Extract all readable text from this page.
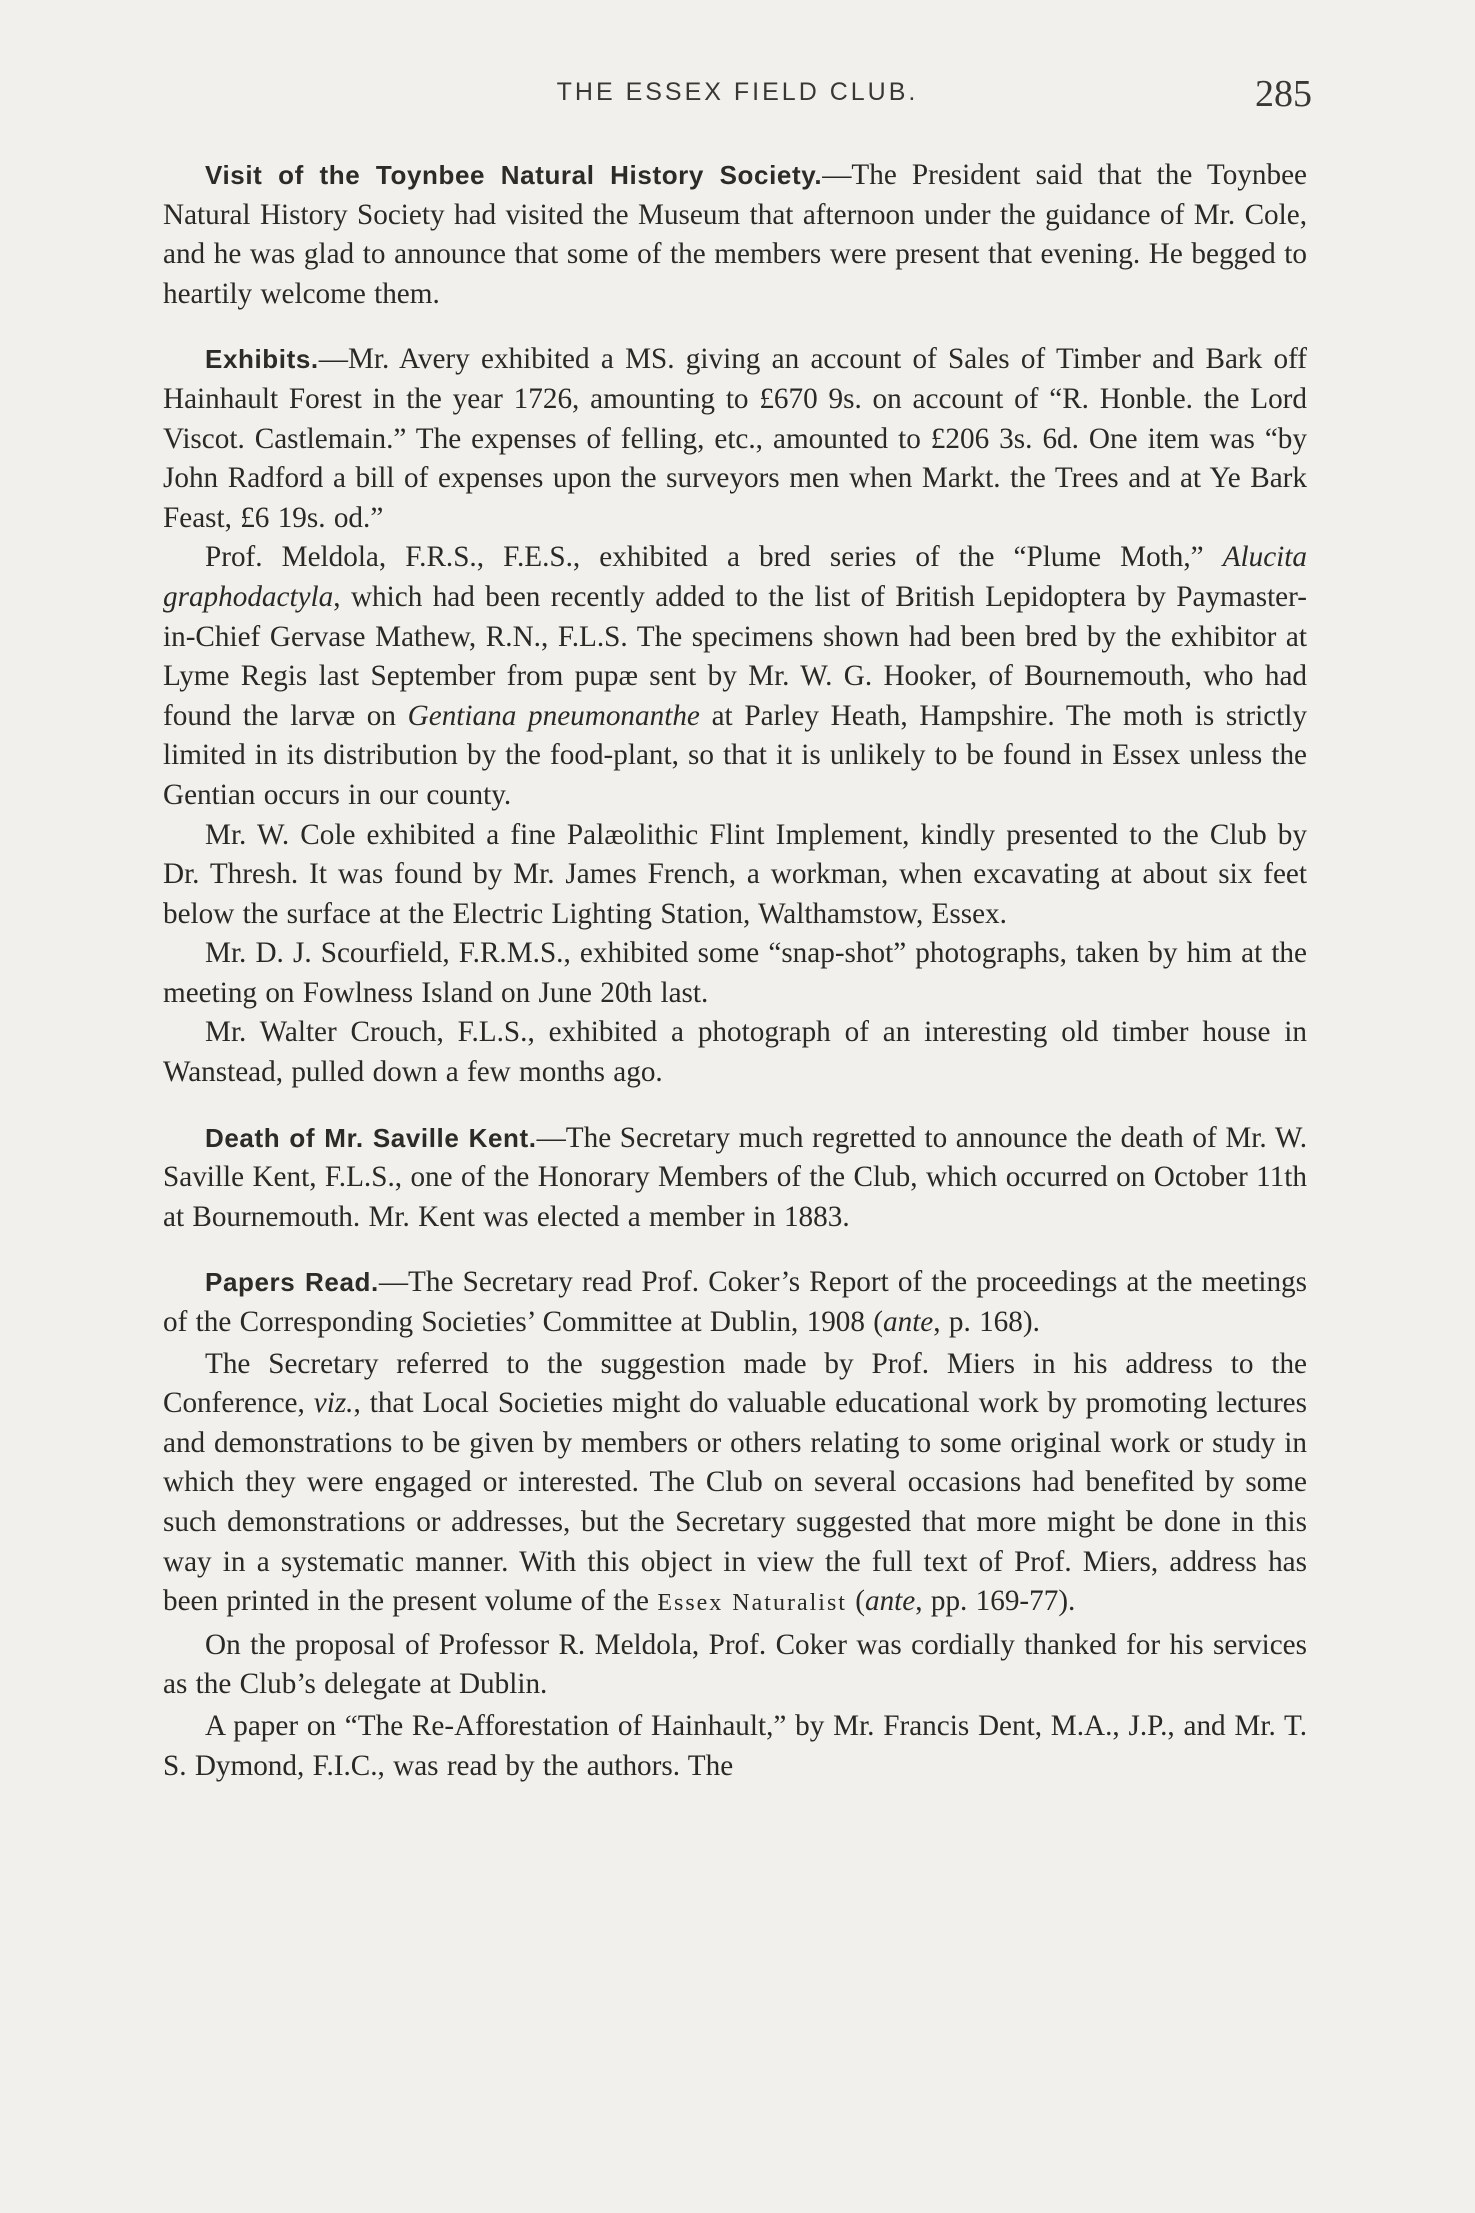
THE ESSEX FIELD CLUB.	285

Visit of the Toynbee Natural History Society.—The President said that the Toynbee Natural History Society had visited the Museum that afternoon under the guidance of Mr. Cole, and he was glad to announce that some of the members were present that evening. He begged to heartily welcome them.

Exhibits.—Mr. Avery exhibited a MS. giving an account of Sales of Timber and Bark off Hainhault Forest in the year 1726, amounting to £670 9s. on account of “R. Honble. the Lord Viscot. Castlemain.” The expenses of felling, etc., amounted to £206 3s. 6d. One item was “by John Radford a bill of expenses upon the surveyors men when Markt. the Trees and at Ye Bark Feast, £6 19s. od.”

Prof. Meldola, F.R.S., F.E.S., exhibited a bred series of the “Plume Moth,” Alucita graphodactyla, which had been recently added to the list of British Lepidoptera by Paymaster-in-Chief Gervase Mathew, R.N., F.L.S. The specimens shown had been bred by the exhibitor at Lyme Regis last September from pupæ sent by Mr. W. G. Hooker, of Bournemouth, who had found the larvæ on Gentiana pneumonanthe at Parley Heath, Hampshire. The moth is strictly limited in its distribution by the food-plant, so that it is unlikely to be found in Essex unless the Gentian occurs in our county.

Mr. W. Cole exhibited a fine Palæolithic Flint Implement, kindly presented to the Club by Dr. Thresh. It was found by Mr. James French, a workman, when excavating at about six feet below the surface at the Electric Lighting Station, Walthamstow, Essex.

Mr. D. J. Scourfield, F.R.M.S., exhibited some “snap-shot” photographs, taken by him at the meeting on Fowlness Island on June 20th last.

Mr. Walter Crouch, F.L.S., exhibited a photograph of an interesting old timber house in Wanstead, pulled down a few months ago.

Death of Mr. Saville Kent.—The Secretary much regretted to announce the death of Mr. W. Saville Kent, F.L.S., one of the Honorary Members of the Club, which occurred on October 11th at Bournemouth. Mr. Kent was elected a member in 1883.

Papers Read.—The Secretary read Prof. Coker’s Report of the proceedings at the meetings of the Corresponding Societies’ Committee at Dublin, 1908 (ante, p. 168).

The Secretary referred to the suggestion made by Prof. Miers in his address to the Conference, viz., that Local Societies might do valuable educational work by promoting lectures and demonstrations to be given by members or others relating to some original work or study in which they were engaged or interested. The Club on several occasions had benefited by some such demonstrations or addresses, but the Secretary suggested that more might be done in this way in a systematic manner. With this object in view the full text of Prof. Miers, address has been printed in the present volume of the Essex Naturalist (ante, pp. 169-77).

On the proposal of Professor R. Meldola, Prof. Coker was cordially thanked for his services as the Club’s delegate at Dublin.

A paper on “The Re-Afforestation of Hainhault,” by Mr. Francis Dent, M.A., J.P., and Mr. T. S. Dymond, F.I.C., was read by the authors. The
